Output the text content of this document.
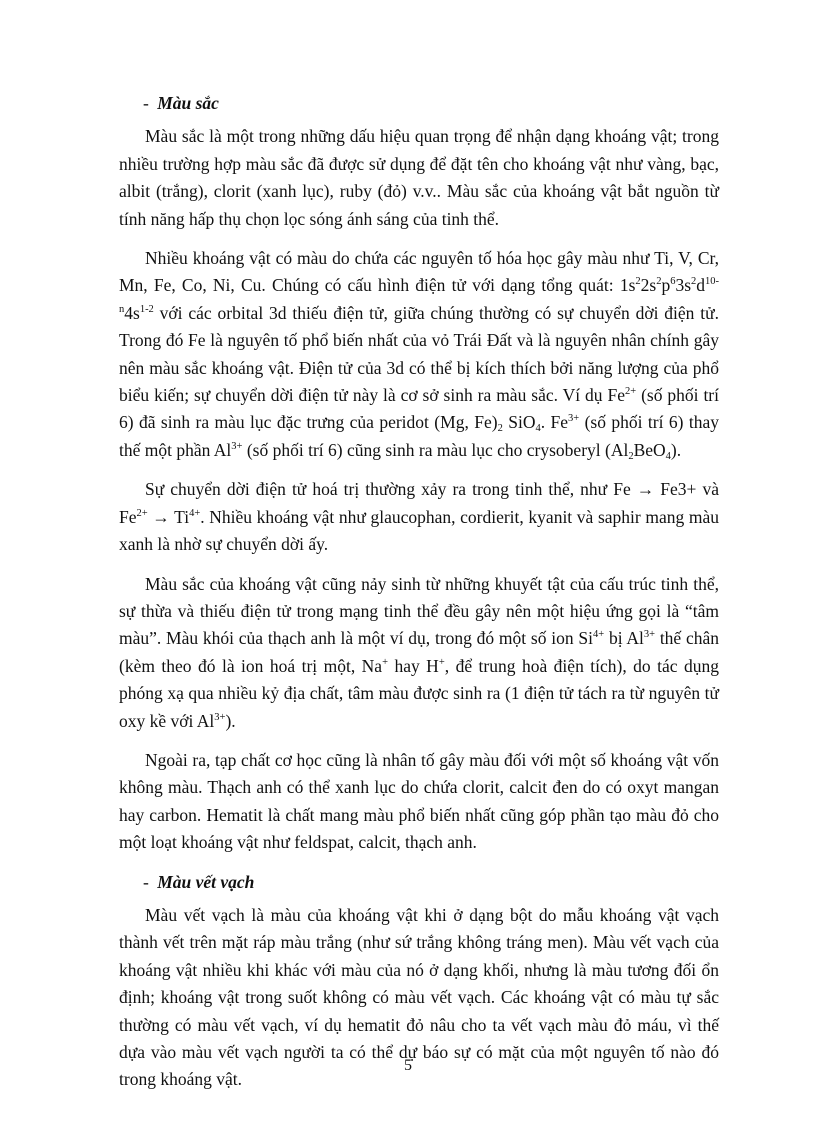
- Màu sắc

Màu sắc là một trong những dấu hiệu quan trọng để nhận dạng khoáng vật; trong nhiều trường hợp màu sắc đã được sử dụng để đặt tên cho khoáng vật như vàng, bạc, albit (trắng), clorit (xanh lục), ruby (đỏ) v.v.. Màu sắc của khoáng vật bắt nguồn từ tính năng hấp thụ chọn lọc sóng ánh sáng của tinh thể.

Nhiều khoáng vật có màu do chứa các nguyên tố hóa học gây màu như Ti, V, Cr, Mn, Fe, Co, Ni, Cu. Chúng có cấu hình điện tử với dạng tổng quát: $1s^22s^2p^63s^2d^{10-n}4s^{1-2}$ với các orbital 3d thiếu điện tử, giữa chúng thường có sự chuyển dời điện tử. Trong đó Fe là nguyên tố phổ biến nhất của vỏ Trái Đất và là nguyên nhân chính gây nên màu sắc khoáng vật. Điện tử của 3d có thể bị kích thích bởi năng lượng của phổ biểu kiến; sự chuyển dời điện tử này là cơ sở sinh ra màu sắc. Ví dụ $Fe^{2+}$ (số phối trí 6) đã sinh ra màu lục đặc trưng của peridot (Mg, $Fe)_2$ SiO$_4$. $Fe^{3+}$ (số phối trí 6) thay thế một phần $Al^{3+}$ (số phối trí 6) cũng sinh ra màu lục cho crysoberyl $(Al_2BeO_4)$.

Sự chuyển dời điện tử hoá trị thường xảy ra trong tinh thể, như Fe → Fe3+ và $Fe^{2+} \to Ti^{4+}$. Nhiều khoáng vật như glaucophan, cordierit, kyanit và saphir mang màu xanh là nhờ sự chuyển dời ấy.

Màu sắc của khoáng vật cũng nảy sinh từ những khuyết tật của cấu trúc tinh thể, sự thừa và thiếu điện tử trong mạng tinh thể đều gây nên một hiệu ứng gọi là “tâm màu”. Màu khói của thạch anh là một ví dụ, trong đó một số ion $Si^{4+}$ bị $Al^{3+}$ thế chân (kèm theo đó là ion hoá trị một, Na+ hay H+, để trung hoà điện tích), do tác dụng phóng xạ qua nhiều kỷ địa chất, tâm màu được sinh ra (1 điện tử tách ra từ nguyên tử oxy kề với $Al^{3+}$).

Ngoài ra, tạp chất cơ học cũng là nhân tố gây màu đối với một số khoáng vật vốn không màu. Thạch anh có thể xanh lục do chứa clorit, calcit đen do có oxyt mangan hay carbon. Hematit là chất mang màu phổ biến nhất cũng góp phần tạo màu đỏ cho một loạt khoáng vật như feldspat, calcit, thạch anh.

- Màu vết vạch

Màu vết vạch là màu của khoáng vật khi ở dạng bột do mẫu khoáng vật vạch thành vết trên mặt ráp màu trắng (như sứ trắng không tráng men). Màu vết vạch của khoáng vật nhiều khi khác với màu của nó ở dạng khối, nhưng là màu tương đối ổn định; khoáng vật trong suốt không có màu vết vạch. Các khoáng vật có màu tự sắc thường có màu vết vạch, ví dụ hematit đỏ nâu cho ta vết vạch màu đỏ máu, vì thế dựa vào màu vết vạch người ta có thể dự báo sự có mặt của một nguyên tố nào đó trong khoáng vật.

5
